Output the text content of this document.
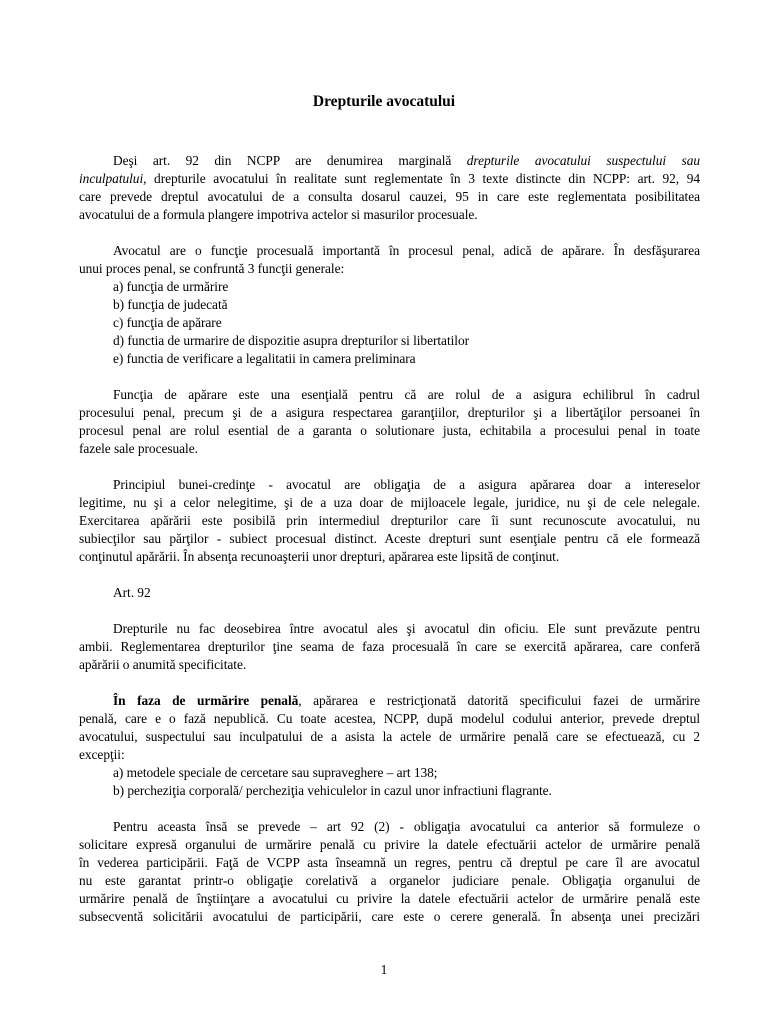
Drepturile avocatului
Deşi art. 92 din NCPP are denumirea marginală drepturile avocatului suspectului sau
inculpatului, drepturile avocatului în realitate sunt reglementate în 3 texte distincte din NCPP: art. 92, 94
care prevede dreptul avocatului de a consulta dosarul cauzei, 95 in care este reglementata posibilitatea
avocatului de a formula plangere impotriva actelor si masurilor procesuale.
Avocatul are o funcţie procesuală importantă în procesul penal, adică de apărare. În desfăşurarea
unui proces penal, se confruntă 3 funcţii generale:
a) funcţia de urmărire
b) funcţia de judecată
c) funcţia de apărare
d) functia de urmarire de dispozitie asupra drepturilor si libertatilor
e) functia de verificare a legalitatii in camera preliminara
Funcţia de apărare este una esenţială pentru că are rolul de a asigura echilibrul în cadrul
procesului penal, precum şi de a asigura respectarea garanţiilor, drepturilor şi a libertăţilor persoanei în
procesul penal are rolul esential de a garanta o solutionare justa, echitabila a procesului penal in toate
fazele sale procesuale.
Principiul bunei-credinţe - avocatul are obligaţia de a asigura apărarea doar a intereselor
legitime, nu şi a celor nelegitime, şi de a uza doar de mijloacele legale, juridice, nu şi de cele nelegale.
Exercitarea apărării este posibilă prin intermediul drepturilor care îi sunt recunoscute avocatului, nu
subiecţilor sau părţilor - subiect procesual distinct. Aceste drepturi sunt esenţiale pentru că ele formează
conţinutul apărării. În absenţa recunoaşterii unor drepturi, apărarea este lipsită de conţinut.
Art. 92
Drepturile nu fac deosebirea între avocatul ales şi avocatul din oficiu. Ele sunt prevăzute pentru
ambii. Reglementarea drepturilor ţine seama de faza procesuală în care se exercită apărarea, care conferă
apărării o anumită specificitate.
În faza de urmărire penală, apărarea e restricţionată datorită specificului fazei de urmărire
penală, care e o fază nepublică. Cu toate acestea, NCPP, după modelul codului anterior, prevede dreptul
avocatului, suspectului sau inculpatului de a asista la actele de urmărire penală care se efectuează, cu 2
excepţii:
a) metodele speciale de cercetare sau supraveghere – art 138;
b) percheziţia corporală/ percheziţia vehiculelor in cazul unor infractiuni flagrante.
Pentru aceasta însă se prevede – art 92 (2) - obligaţia avocatului ca anterior să formuleze o
solicitare expresă organului de urmărire penală cu privire la datele efectuării actelor de urmărire penală
în vederea participării. Faţă de VCPP asta înseamnă un regres, pentru că dreptul pe care îl are avocatul
nu este garantat printr-o obligaţie corelativă a organelor judiciare penale. Obligaţia organului de
urmărire penală de înştiinţare a avocatului cu privire la datele efectuării actelor de urmărire penală este
subsecventă solicitării avocatului de participării, care este o cerere generală. În absenţa unei precizări
1
